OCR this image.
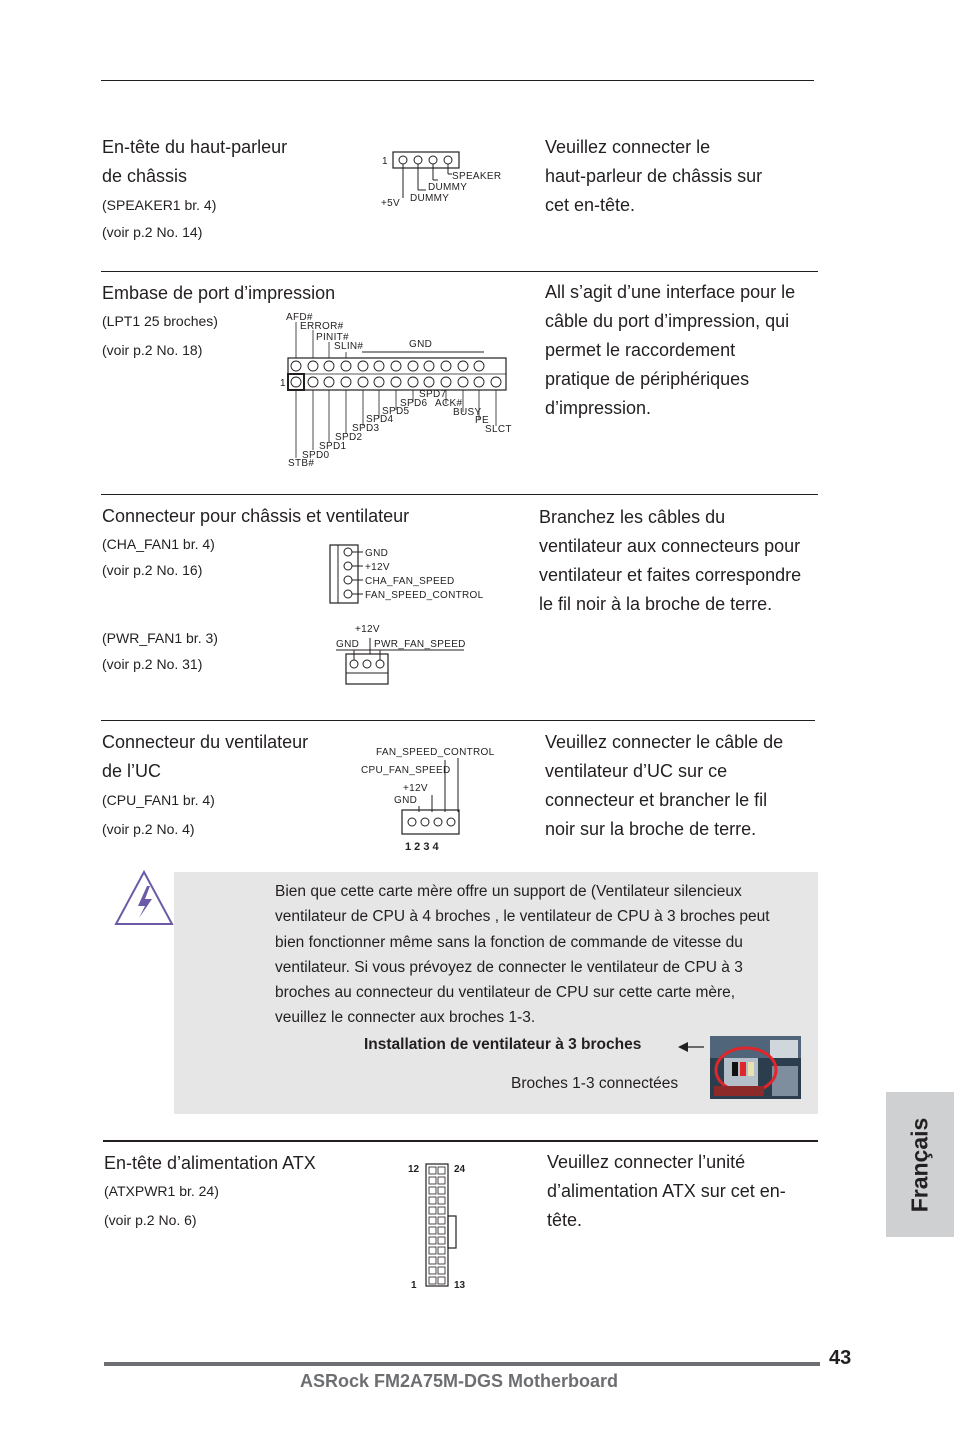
En-tête du haut-parleur
de châssis
(SPEAKER1 br. 4)
(voir p.2 No. 14)
Veuillez connecter le
haut-parleur de châssis sur
cet en-tête.
1
SPEAKER
DUMMY
DUMMY
+5V
Embase de port d’impression
(LPT1 25 broches)
(voir p.2 No. 18)
All s’agit d’une interface pour le
câble du port d’impression, qui
permet le raccordement
pratique de périphériques
d’impression.
AFD#
ERROR#
PINIT#
SLIN#	GND
1
SPD7
SPD6 ACK#
SPD5	BUSY
SPD4	PE
SPD3	SLCT
SPD2
SPD1
SPD0
STB#
Connecteur pour châssis et ventilateur
(CHA_FAN1 br. 4)
(voir p.2 No. 16)
(PWR_FAN1 br. 3)
(voir p.2 No. 31)
Branchez les câbles du
ventilateur aux connecteurs pour
ventilateur et faites correspondre
le fil noir à la broche de terre.
GND
+12V
CHA_FAN_SPEED
FAN_SPEED_CONTROL
+12V
GND PWR_FAN_SPEED
Connecteur du ventilateur
de l’UC
(CPU_FAN1 br. 4)
(voir p.2 No. 4)
Veuillez connecter le câble de
ventilateur d’UC sur ce
connecteur et brancher le fil
noir sur la broche de terre.
FAN_SPEED_CONTROL
CPU_FAN_SPEED
+12V
GND
1 2 3 4
Bien que cette carte mère offre un support de (Ventilateur silencieux
ventilateur de CPU à 4 broches , le ventilateur de CPU à 3 broches peut
bien fonctionner même sans la fonction de commande de vitesse du
ventilateur. Si vous prévoyez de connecter le ventilateur de CPU à 3
broches au connecteur du ventilateur de CPU sur cette carte mère,
veuillez le connecter aux broches 1-3.
Installation de ventilateur à 3 broches
Broches 1-3 connectées
En-tête d’alimentation ATX
(ATXPWR1 br. 24)
(voir p.2 No. 6)
Veuillez connecter l’unité
d’alimentation ATX sur cet en-
tête.
12	24
1	13
Français
43
ASRock FM2A75M-DGS Motherboard
